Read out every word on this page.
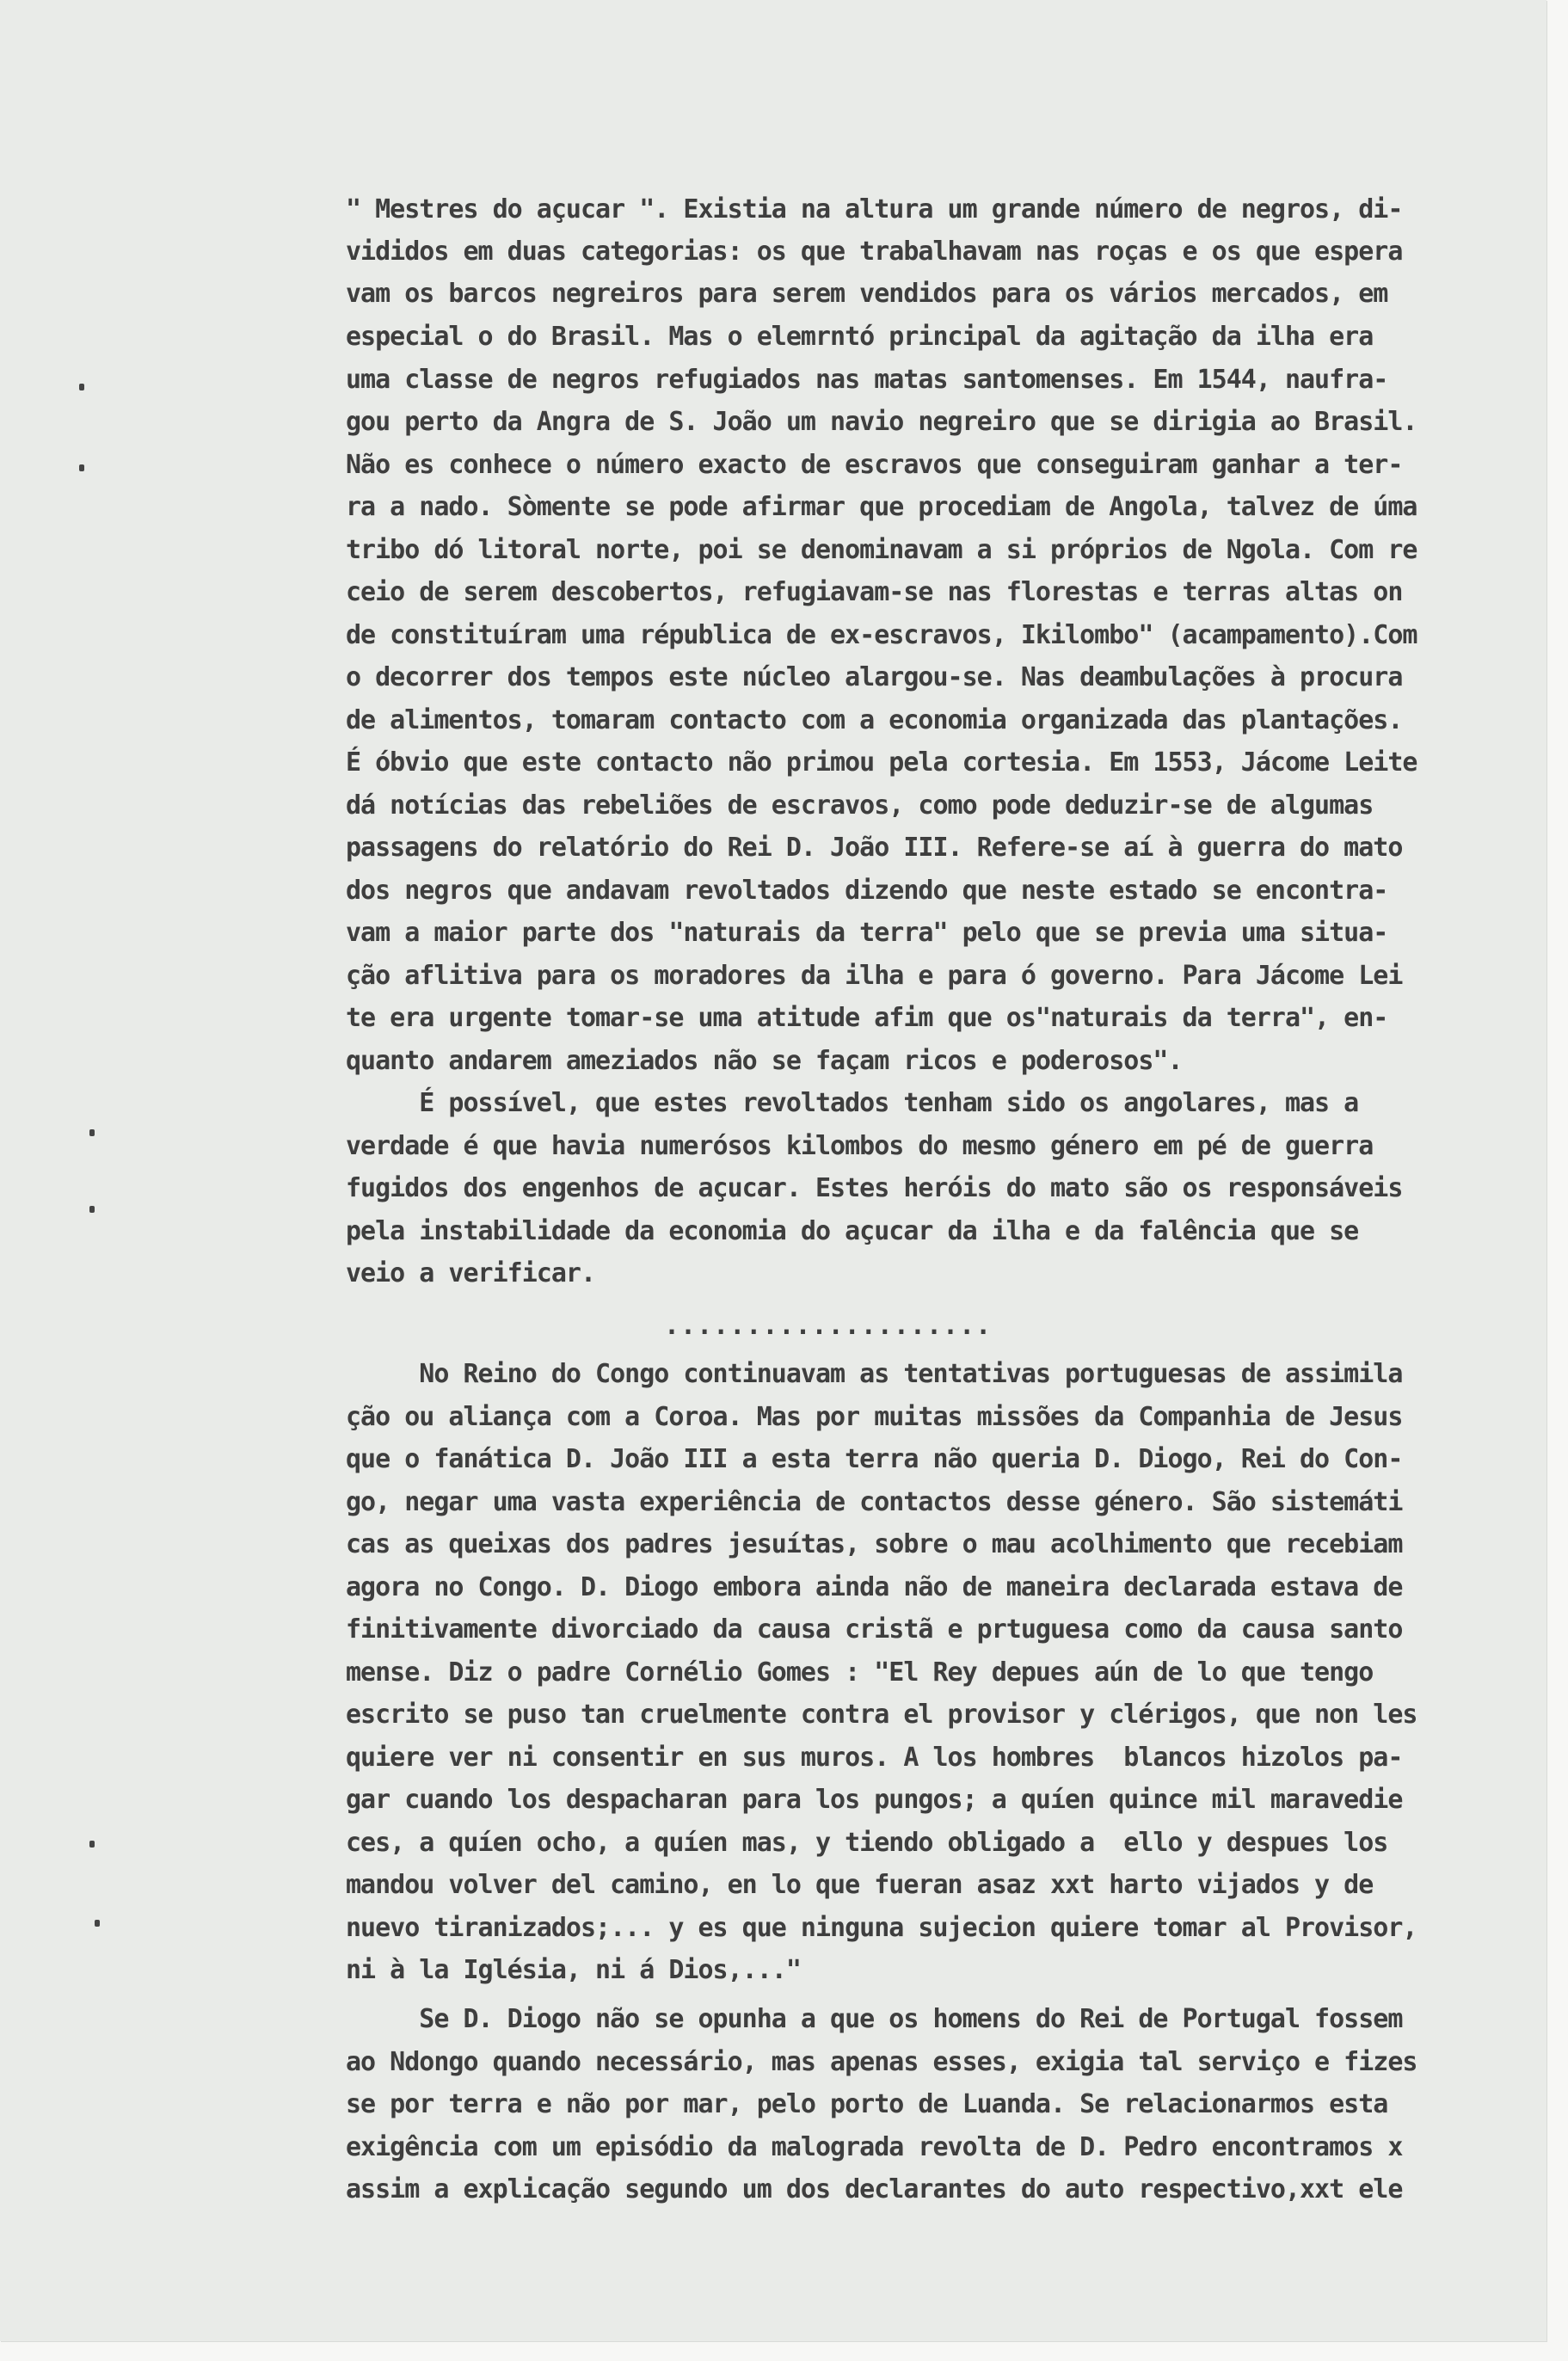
" Mestres do açucar ". Existia na altura um grande número de negros, di-
vididos em duas categorias: os que trabalhavam nas roças e os que espera
vam os barcos negreiros para serem vendidos para os vários mercados, em
especial o do Brasil. Mas o elemrntó principal da agitação da ilha era
uma classe de negros refugiados nas matas santomenses. Em 1544, naufra-
gou perto da Angra de S. João um navio negreiro que se dirigia ao Brasil.
Não es conhece o número exacto de escravos que conseguiram ganhar a ter-
ra a nado. Sòmente se pode afirmar que procediam de Angola, talvez de úma
tribo dó litoral norte, poi se denominavam a si próprios de Ngola. Com re
ceio de serem descobertos, refugiavam-se nas florestas e terras altas on
de constituíram uma républica de ex-escravos, Ikilombo" (acampamento).Com
o decorrer dos tempos este núcleo alargou-se. Nas deambulações à procura
de alimentos, tomaram contacto com a economia organizada das plantações.
É óbvio que este contacto não primou pela cortesia. Em 1553, Jácome Leite
dá notícias das rebeliões de escravos, como pode deduzir-se de algumas
passagens do relatório do Rei D. João III. Refere-se aí à guerra do mato
dos negros que andavam revoltados dizendo que neste estado se encontra-
vam a maior parte dos "naturais da terra" pelo que se previa uma situa-
ção aflitiva para os moradores da ilha e para ó governo. Para Jácome Lei
te era urgente tomar-se uma atitude afim que os"naturais da terra", en-
quanto andarem ameziados não se façam ricos e poderosos".
É possível, que estes revoltados tenham sido os angolares, mas a
verdade é que havia numerósos kilombos do mesmo género em pé de guerra
fugidos dos engenhos de açucar. Estes heróis do mato são os responsáveis
pela instabilidade da economia do açucar da ilha e da falência que se
veio a verificar.
....................
No Reino do Congo continuavam as tentativas portuguesas de assimila
ção ou aliança com a Coroa. Mas por muitas missões da Companhia de Jesus
que o fanática D. João III a esta terra não queria D. Diogo, Rei do Con-
go, negar uma vasta experiência de contactos desse género. São sistemáti
cas as queixas dos padres jesuítas, sobre o mau acolhimento que recebiam
agora no Congo. D. Diogo embora ainda não de maneira declarada estava de
finitivamente divorciado da causa cristã e prtuguesa como da causa santo
mense. Diz o padre Cornélio Gomes : "El Rey depues aún de lo que tengo
escrito se puso tan cruelmente contra el provisor y clérigos, que non les
quiere ver ni consentir en sus muros. A los hombres  blancos hizolos pa-
gar cuando los despacharan para los pungos; a quíen quince mil maravedie
ces, a quíen ocho, a quíen mas, y tiendo obligado a  ello y despues los
mandou volver del camino, en lo que fueran asaz xxt harto vijados y de
nuevo tiranizados;... y es que ninguna sujecion quiere tomar al Provisor,
ni à la Iglésia, ni á Dios,..."
Se D. Diogo não se opunha a que os homens do Rei de Portugal fossem
ao Ndongo quando necessário, mas apenas esses, exigia tal serviço e fizes
se por terra e não por mar, pelo porto de Luanda. Se relacionarmos esta
exigência com um episódio da malograda revolta de D. Pedro encontramos x
assim a explicação segundo um dos declarantes do auto respectivo,xxt ele
